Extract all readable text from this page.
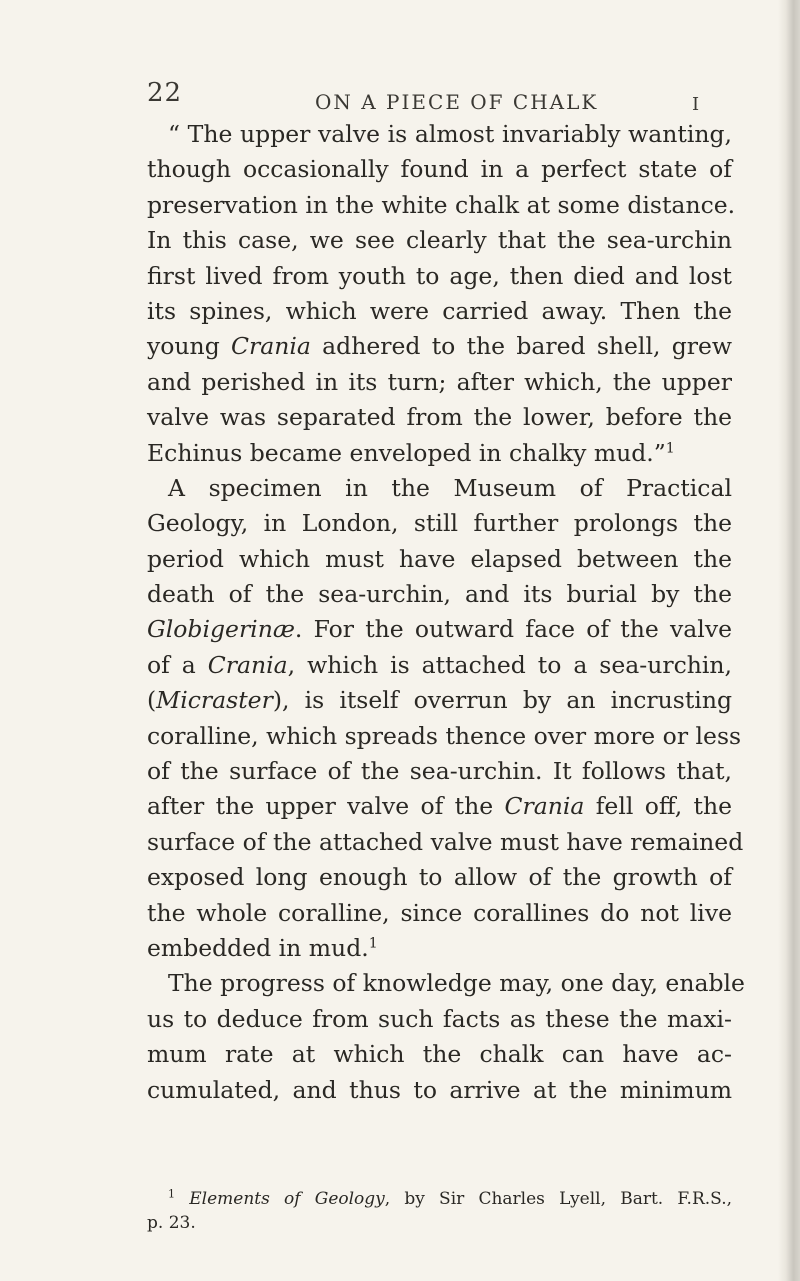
22	ON A PIECE OF CHALK	I

“ The upper valve is almost invariably wanting,

though occasionally found in a perfect state of

preservation in the white chalk at some distance.

In this case, we see clearly that the sea-urchin

first lived from youth to age, then died and lost

its spines, which were carried away. Then the

young Crania adhered to the bared shell, grew

and perished in its turn; after which, the upper

valve was separated from the lower, before the

Echinus became enveloped in chalky mud.”$^1$

A specimen in the Museum of Practical

Geology, in London, still further prolongs the

period which must have elapsed between the

death of the sea-urchin, and its burial by the

Globigerinæ. For the outward face of the valve

of a Crania, which is attached to a sea-urchin,

(Micraster), is itself overrun by an incrusting

coralline, which spreads thence over more or less

of the surface of the sea-urchin. It follows that,

after the upper valve of the Crania fell off, the

surface of the attached valve must have remained

exposed long enough to allow of the growth of

the whole coralline, since corallines do not live

embedded in mud.$^1$

The progress of knowledge may, one day, enable

us to deduce from such facts as these the maxi-

mum rate at which the chalk can have ac-

cumulated, and thus to arrive at the minimum

$^1$ Elements of Geology, by Sir Charles Lyell, Bart. F.R.S.,

p. 23.
